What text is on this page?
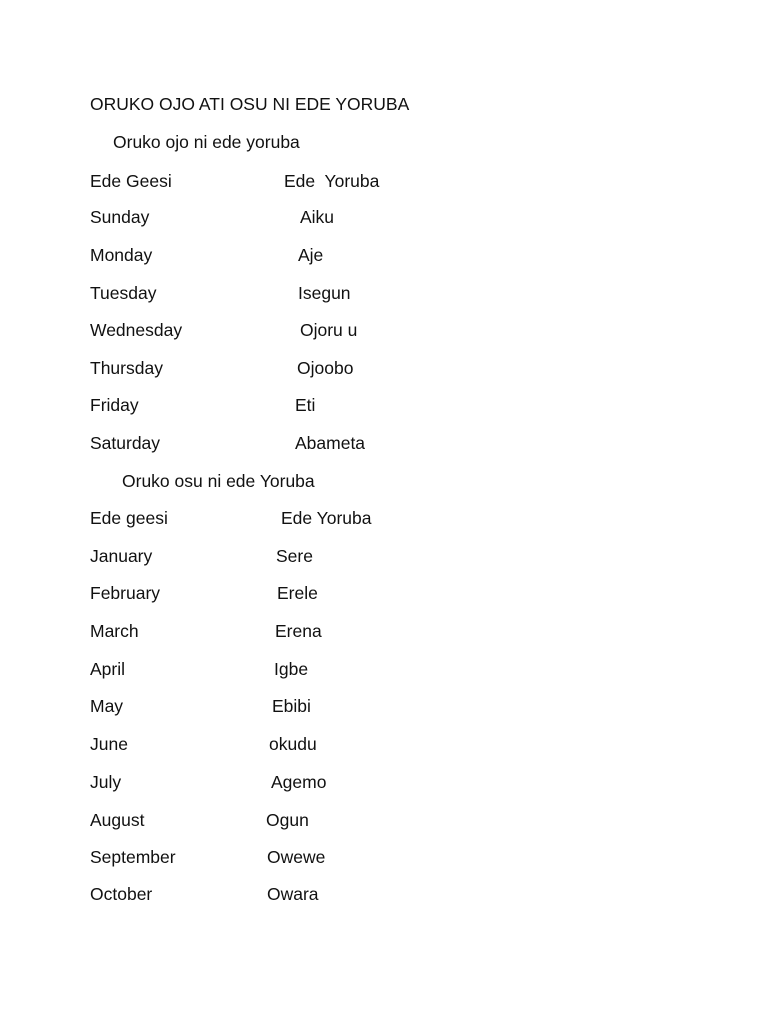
ORUKO OJO ATI OSU NI EDE YORUBA
Oruko ojo ni ede yoruba
Ede Geesi	Ede  Yoruba
Sunday	Aiku
Monday	Aje
Tuesday	Isegun
Wednesday	Ojoru u
Thursday	Ojoobo
Friday	Eti
Saturday	Abameta
Oruko osu ni ede Yoruba
Ede geesi	Ede Yoruba
January	Sere
February	Erele
March	Erena
April	Igbe
May	Ebibi
June	okudu
July	Agemo
August	Ogun
September	Owewe
October	Owara
